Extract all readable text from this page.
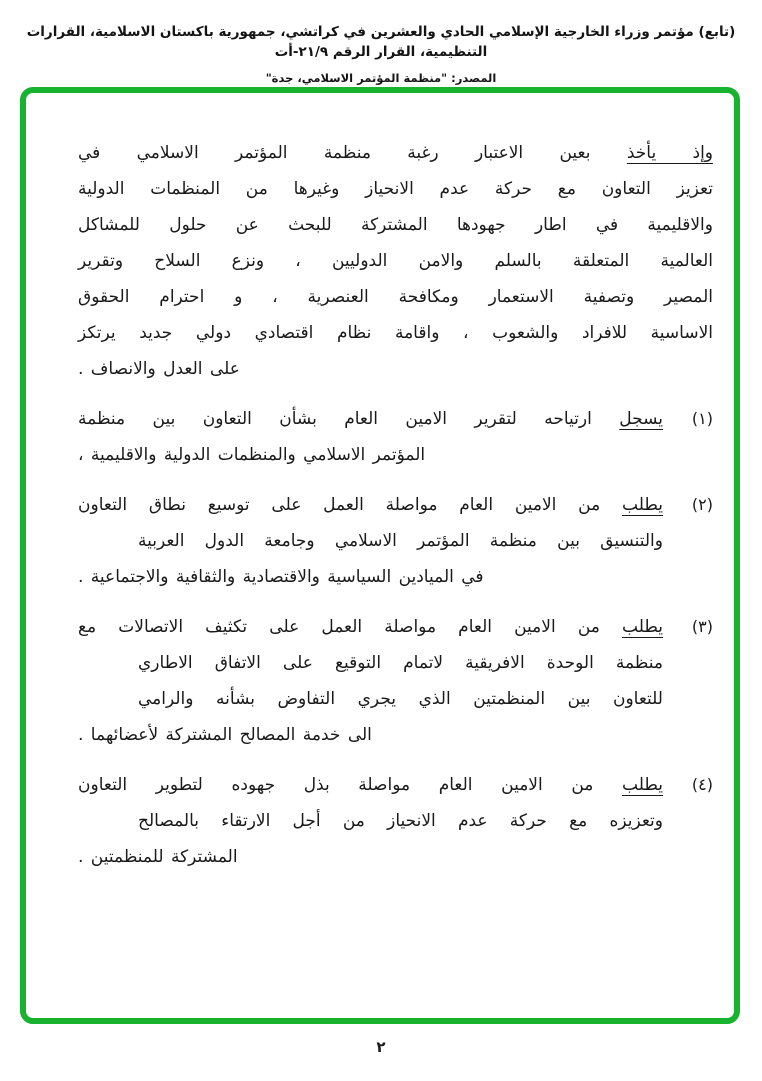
(تابع) مؤتمر وزراء الخارجية الإسلامي الحادي والعشرين في كراتشي، جمهورية باكستان الاسلامية، القرارات التنظيمية، القرار الرقم ٢١/٩-أت
المصدر: "منظمة المؤتمر الاسلامي، جدة"
وإذ يأخذ بعين الاعتبار رغبة منظمة المؤتمر الاسلامي في
تعزيز التعاون مع حركة عدم الانحياز وغيرها من المنظمات الدولية
والاقليمية في اطار جهودها المشتركة للبحث عن حلول للمشاكل
العالمية المتعلقة بالسلم والامن الدوليين ، ونزع السلاح وتقرير
المصير وتصفية الاستعمار ومكافحة العنصرية ، و احترام الحقوق
الاساسية للافراد والشعوب ، واقامة نظام اقتصادي دولي جديد يرتكز
على العدل والانصاف .
(١)
يسجل ارتياحه لتقرير الامين العام بشأن التعاون بين منظمة
المؤتمر الاسلامي والمنظمات الدولية والاقليمية ،
(٢)
يطلب من الامين العام مواصلة العمل على توسيع نطاق التعاون
والتنسيق بين منظمة المؤتمر الاسلامي وجامعة الدول العربية
في الميادين السياسية والاقتصادية والثقافية والاجتماعية .
(٣)
يطلب من الامين العام مواصلة العمل على تكثيف الاتصالات مع
منظمة الوحدة الافريقية لاتمام التوقيع على الاتفاق الاطاري
للتعاون بين المنظمتين الذي يجري التفاوض بشأنه والرامي
الى خدمة المصالح المشتركة لأعضائهما .
(٤)
يطلب من الامين العام مواصلة بذل جهوده لتطوير التعاون
وتعزيزه مع حركة عدم الانحياز من أجل الارتقاء بالمصالح
المشتركة للمنظمتين .
٢
